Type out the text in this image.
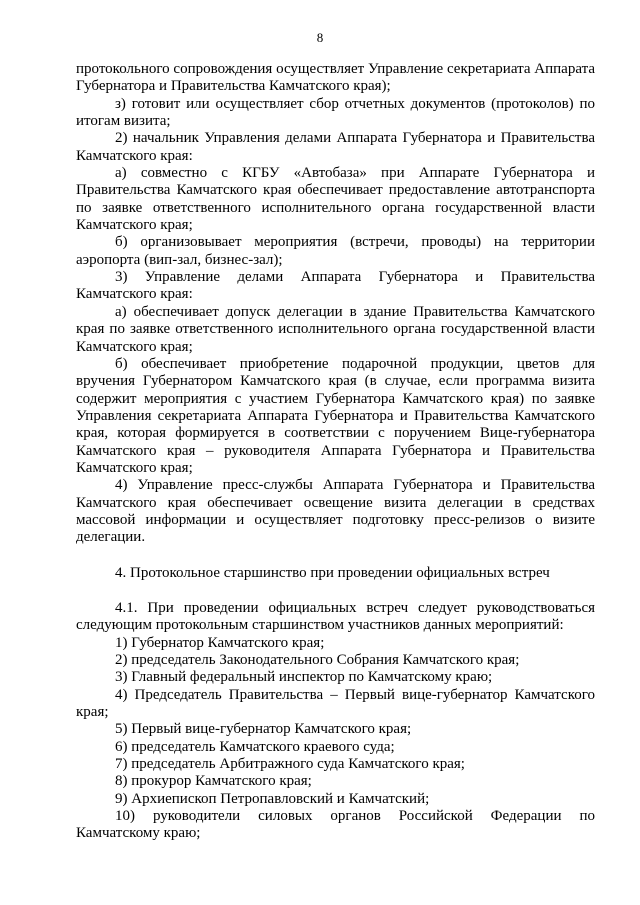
8

протокольного сопровождения осуществляет Управление секретариата Аппарата Губернатора и Правительства Камчатского края);

з) готовит или осуществляет сбор отчетных документов (протоколов) по итогам визита;

2) начальник Управления делами Аппарата Губернатора и Правительства Камчатского края:

а) совместно с КГБУ «Автобаза» при Аппарате Губернатора и Правительства Камчатского края обеспечивает предоставление автотранспорта по заявке ответственного исполнительного органа государственной власти Камчатского края;

б) организовывает мероприятия (встречи, проводы) на территории аэропорта (вип-зал, бизнес-зал);

3) Управление делами Аппарата Губернатора и Правительства Камчатского края:

а) обеспечивает допуск делегации в здание Правительства Камчатского края по заявке ответственного исполнительного органа государственной власти Камчатского края;

б) обеспечивает приобретение подарочной продукции, цветов для вручения Губернатором Камчатского края (в случае, если программа визита содержит мероприятия с участием Губернатора Камчатского края) по заявке Управления секретариата Аппарата Губернатора и Правительства Камчатского края, которая формируется в соответствии с поручением Вице-губернатора Камчатского края – руководителя Аппарата Губернатора и Правительства Камчатского края;

4) Управление пресс-службы Аппарата Губернатора и Правительства Камчатского края обеспечивает освещение визита делегации в средствах массовой информации и осуществляет подготовку пресс-релизов о визите делегации.

4. Протокольное старшинство при проведении официальных встреч

4.1. При проведении официальных встреч следует руководствоваться следующим протокольным старшинством участников данных мероприятий:

1) Губернатор Камчатского края;

2) председатель Законодательного Собрания Камчатского края;

3) Главный федеральный инспектор по Камчатскому краю;

4) Председатель Правительства – Первый вице-губернатор Камчатского края;

5) Первый вице-губернатор Камчатского края;

6) председатель Камчатского краевого суда;

7) председатель Арбитражного суда Камчатского края;

8) прокурор Камчатского края;

9) Архиепископ Петропавловский и Камчатский;

10) руководители силовых органов Российской Федерации по Камчатскому краю;
